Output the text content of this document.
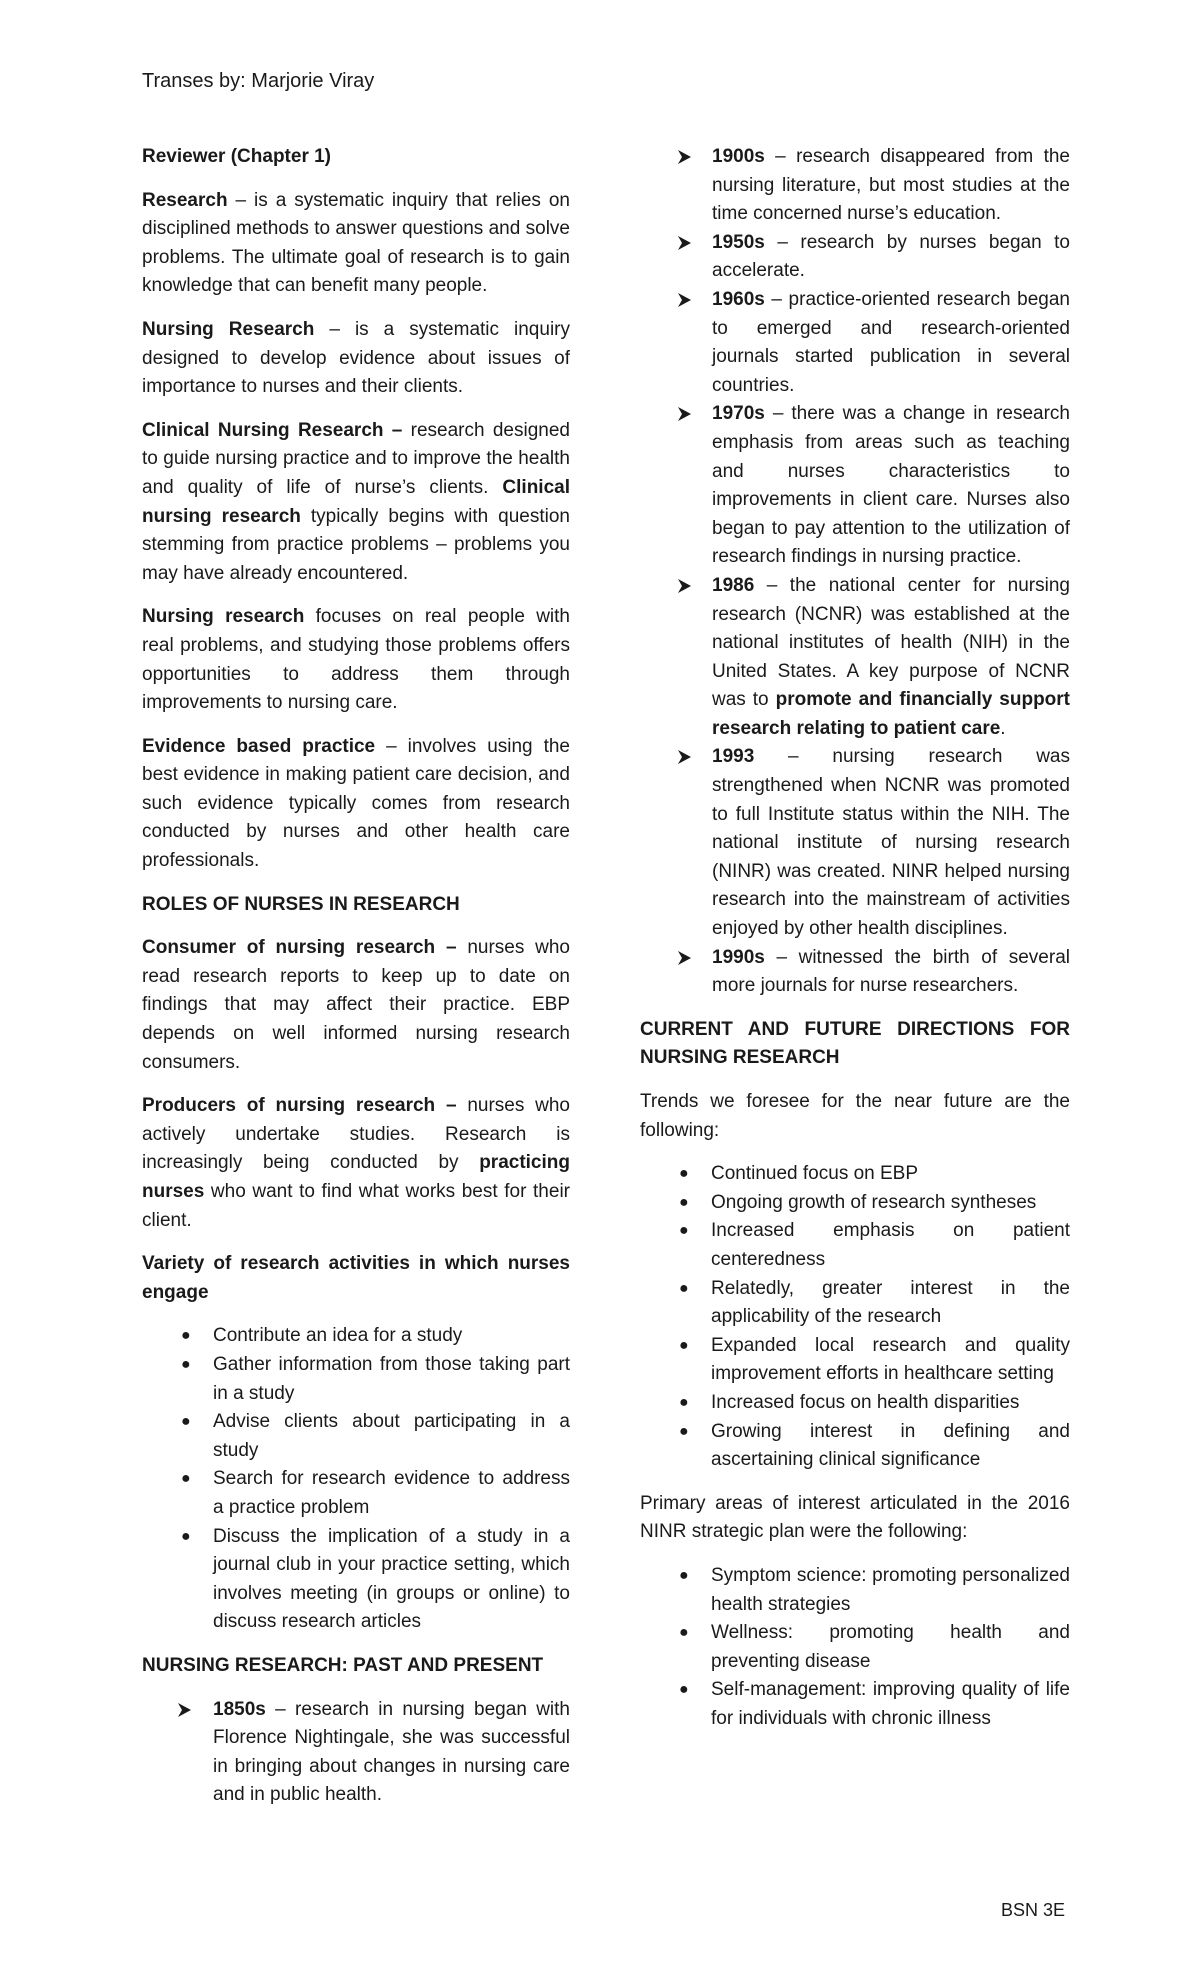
Transes by: Marjorie Viray

Reviewer (Chapter 1)

Research – is a systematic inquiry that relies on disciplined methods to answer questions and solve problems. The ultimate goal of research is to gain knowledge that can benefit many people.

Nursing Research – is a systematic inquiry designed to develop evidence about issues of importance to nurses and their clients.

Clinical Nursing Research – research designed to guide nursing practice and to improve the health and quality of life of nurse’s clients. Clinical nursing research typically begins with question stemming from practice problems – problems you may have already encountered.

Nursing research focuses on real people with real problems, and studying those problems offers opportunities to address them through improvements to nursing care.

Evidence based practice – involves using the best evidence in making patient care decision, and such evidence typically comes from research conducted by nurses and other health care professionals.

ROLES OF NURSES IN RESEARCH

Consumer of nursing research – nurses who read research reports to keep up to date on findings that may affect their practice. EBP depends on well informed nursing research consumers.

Producers of nursing research – nurses who actively undertake studies. Research is increasingly being conducted by practicing nurses who want to find what works best for their client.

Variety of research activities in which nurses engage

● Contribute an idea for a study
● Gather information from those taking part in a study
● Advise clients about participating in a study
● Search for research evidence to address a practice problem
● Discuss the implication of a study in a journal club in your practice setting, which involves meeting (in groups or online) to discuss research articles

NURSING RESEARCH: PAST AND PRESENT

1850s – research in nursing began with Florence Nightingale, she was successful in bringing about changes in nursing care and in public health.
1900s – research disappeared from the nursing literature, but most studies at the time concerned nurse’s education.
1950s – research by nurses began to accelerate.
1960s – practice-oriented research began to emerged and research-oriented journals started publication in several countries.
1970s – there was a change in research emphasis from areas such as teaching and nurses characteristics to improvements in client care. Nurses also began to pay attention to the utilization of research findings in nursing practice.
1986 – the national center for nursing research (NCNR) was established at the national institutes of health (NIH) in the United States. A key purpose of NCNR was to promote and financially support research relating to patient care.
1993 – nursing research was strengthened when NCNR was promoted to full Institute status within the NIH. The national institute of nursing research (NINR) was created. NINR helped nursing research into the mainstream of activities enjoyed by other health disciplines.
1990s – witnessed the birth of several more journals for nurse researchers.

CURRENT AND FUTURE DIRECTIONS FOR NURSING RESEARCH

Trends we foresee for the near future are the following:

● Continued focus on EBP
● Ongoing growth of research syntheses
● Increased emphasis on patient centeredness
● Relatedly, greater interest in the applicability of the research
● Expanded local research and quality improvement efforts in healthcare setting
● Increased focus on health disparities
● Growing interest in defining and ascertaining clinical significance

Primary areas of interest articulated in the 2016 NINR strategic plan were the following:

● Symptom science: promoting personalized health strategies
● Wellness: promoting health and preventing disease
● Self-management: improving quality of life for individuals with chronic illness
BSN 3E
